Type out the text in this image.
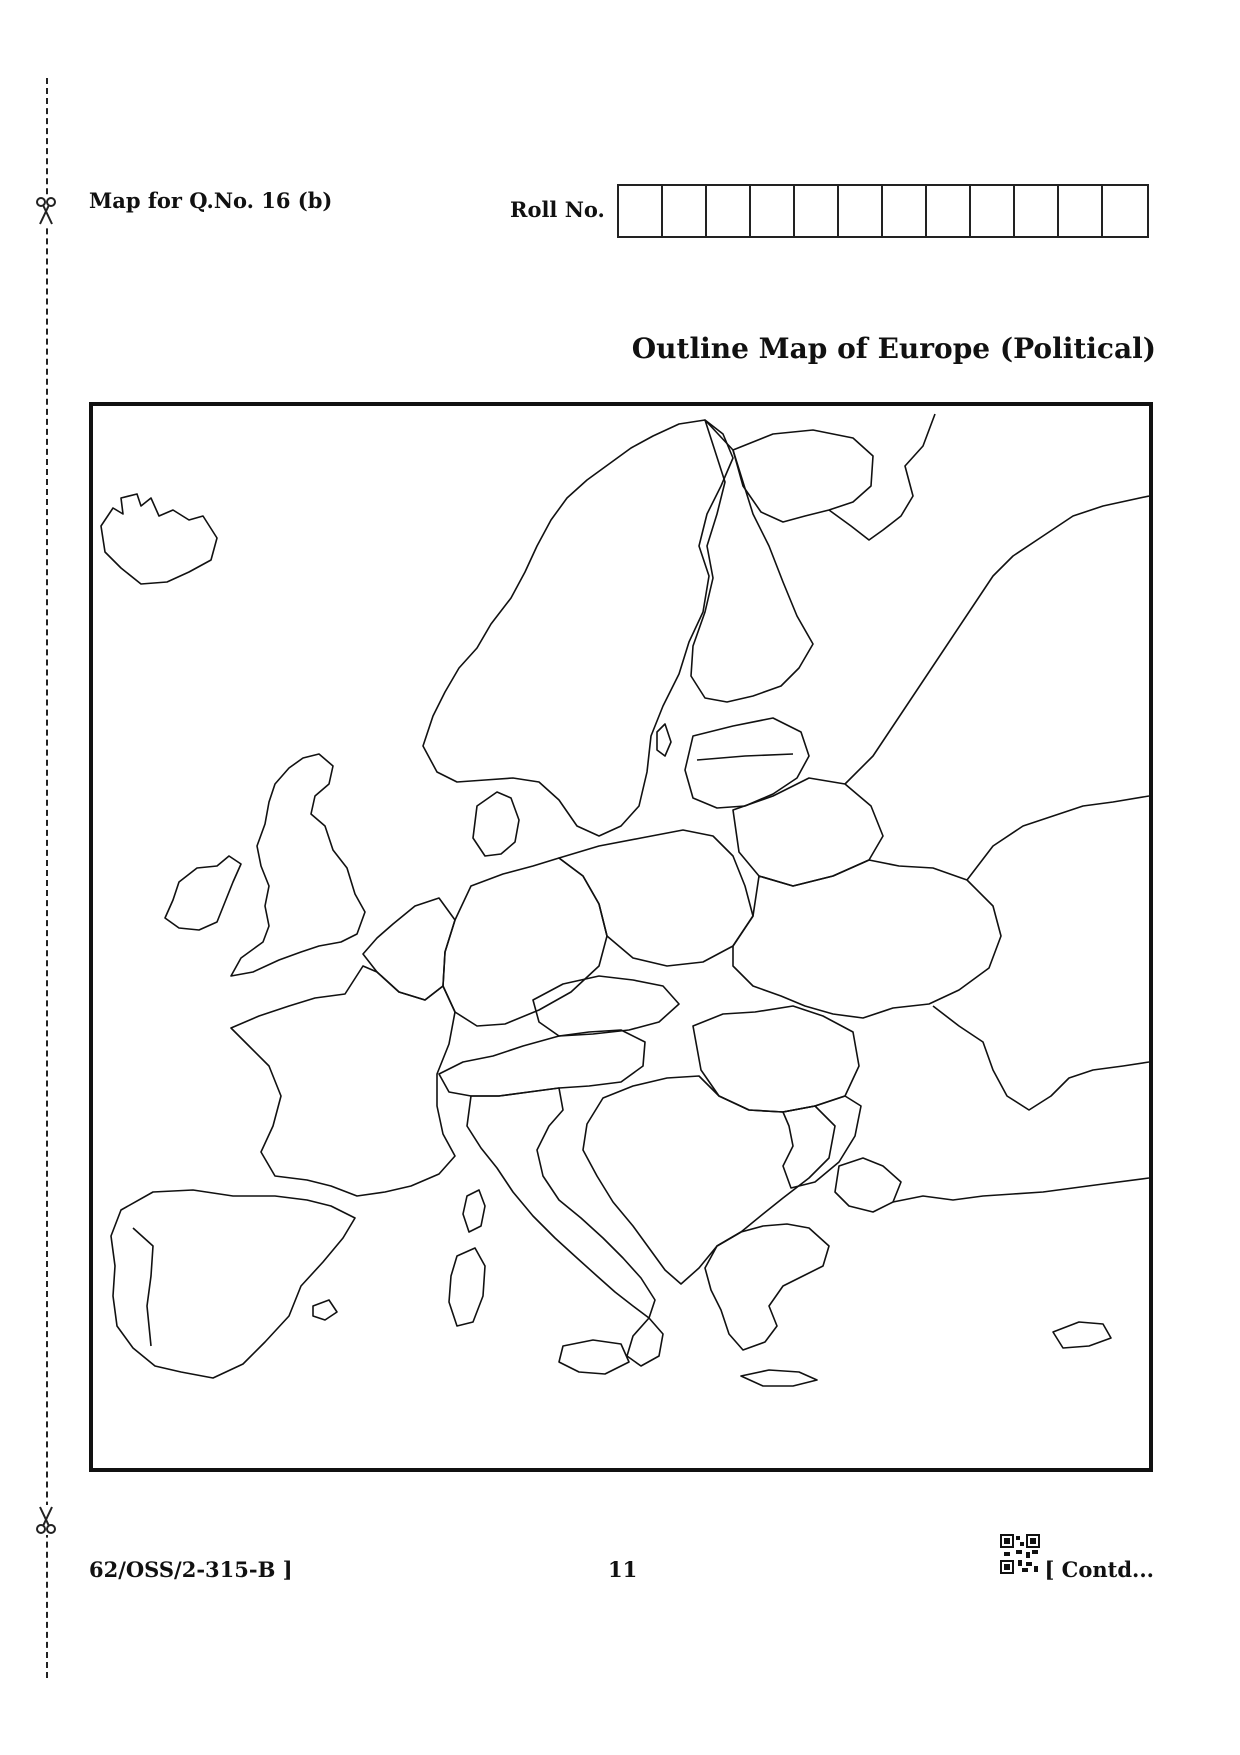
Map for Q.No. 16 (b)	Roll No.
Outline Map of Europe (Political)
62/OSS/2-315-B ]	11	[ Contd...
